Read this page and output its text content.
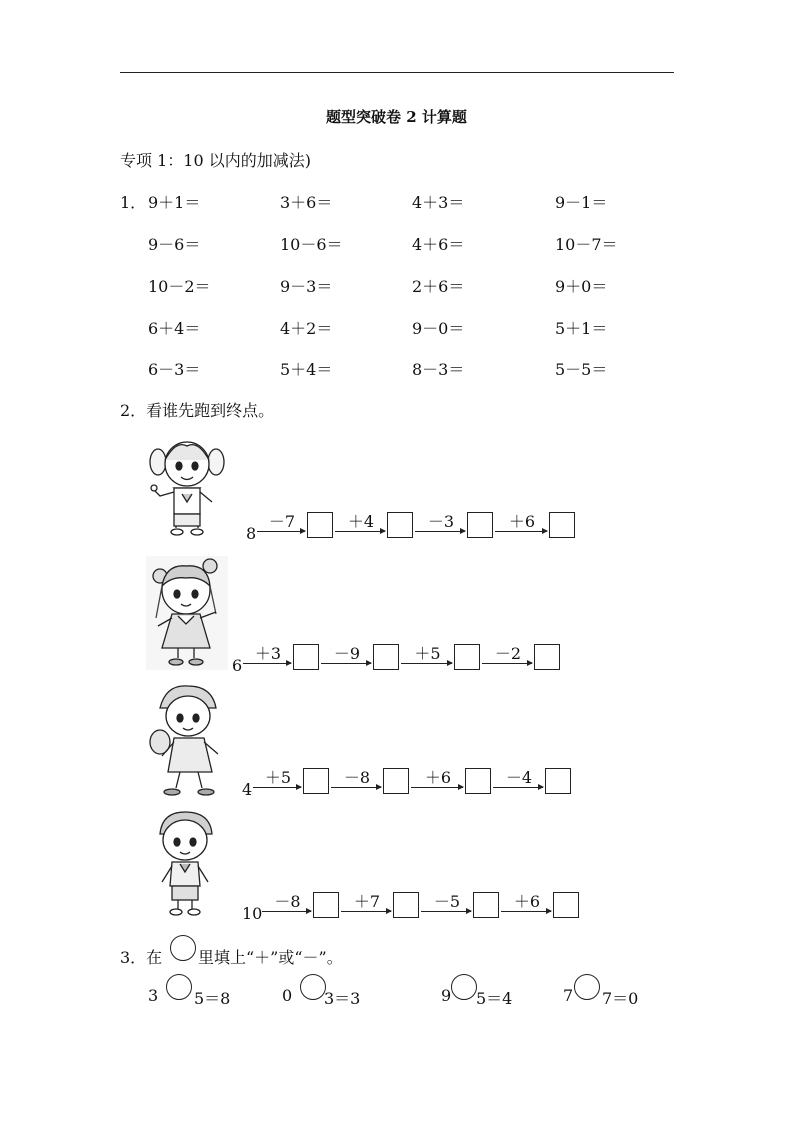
题型突破卷 2 计算题
专项 1：10 以内的加减法)
1． 9＋1＝	3＋6＝	4＋3＝	9－1＝
9－6＝	10－6＝	4＋6＝	10－7＝
10－2＝	9－3＝	2＋6＝	9＋0＝
6＋4＝	4＋2＝	9－0＝	5＋1＝
6－3＝	5＋4＝	8－3＝	5－5＝
2．看谁先跑到终点。
8
－7	＋4	－3	＋6
6
＋3	－9	＋5	－2
4
＋5	－8	＋6	－4
10
－8	＋7	－5	＋6
3．在 里填上“＋”或“－”。
3 5＝8	0 3＝3	9 5＝4	7 7＝0
